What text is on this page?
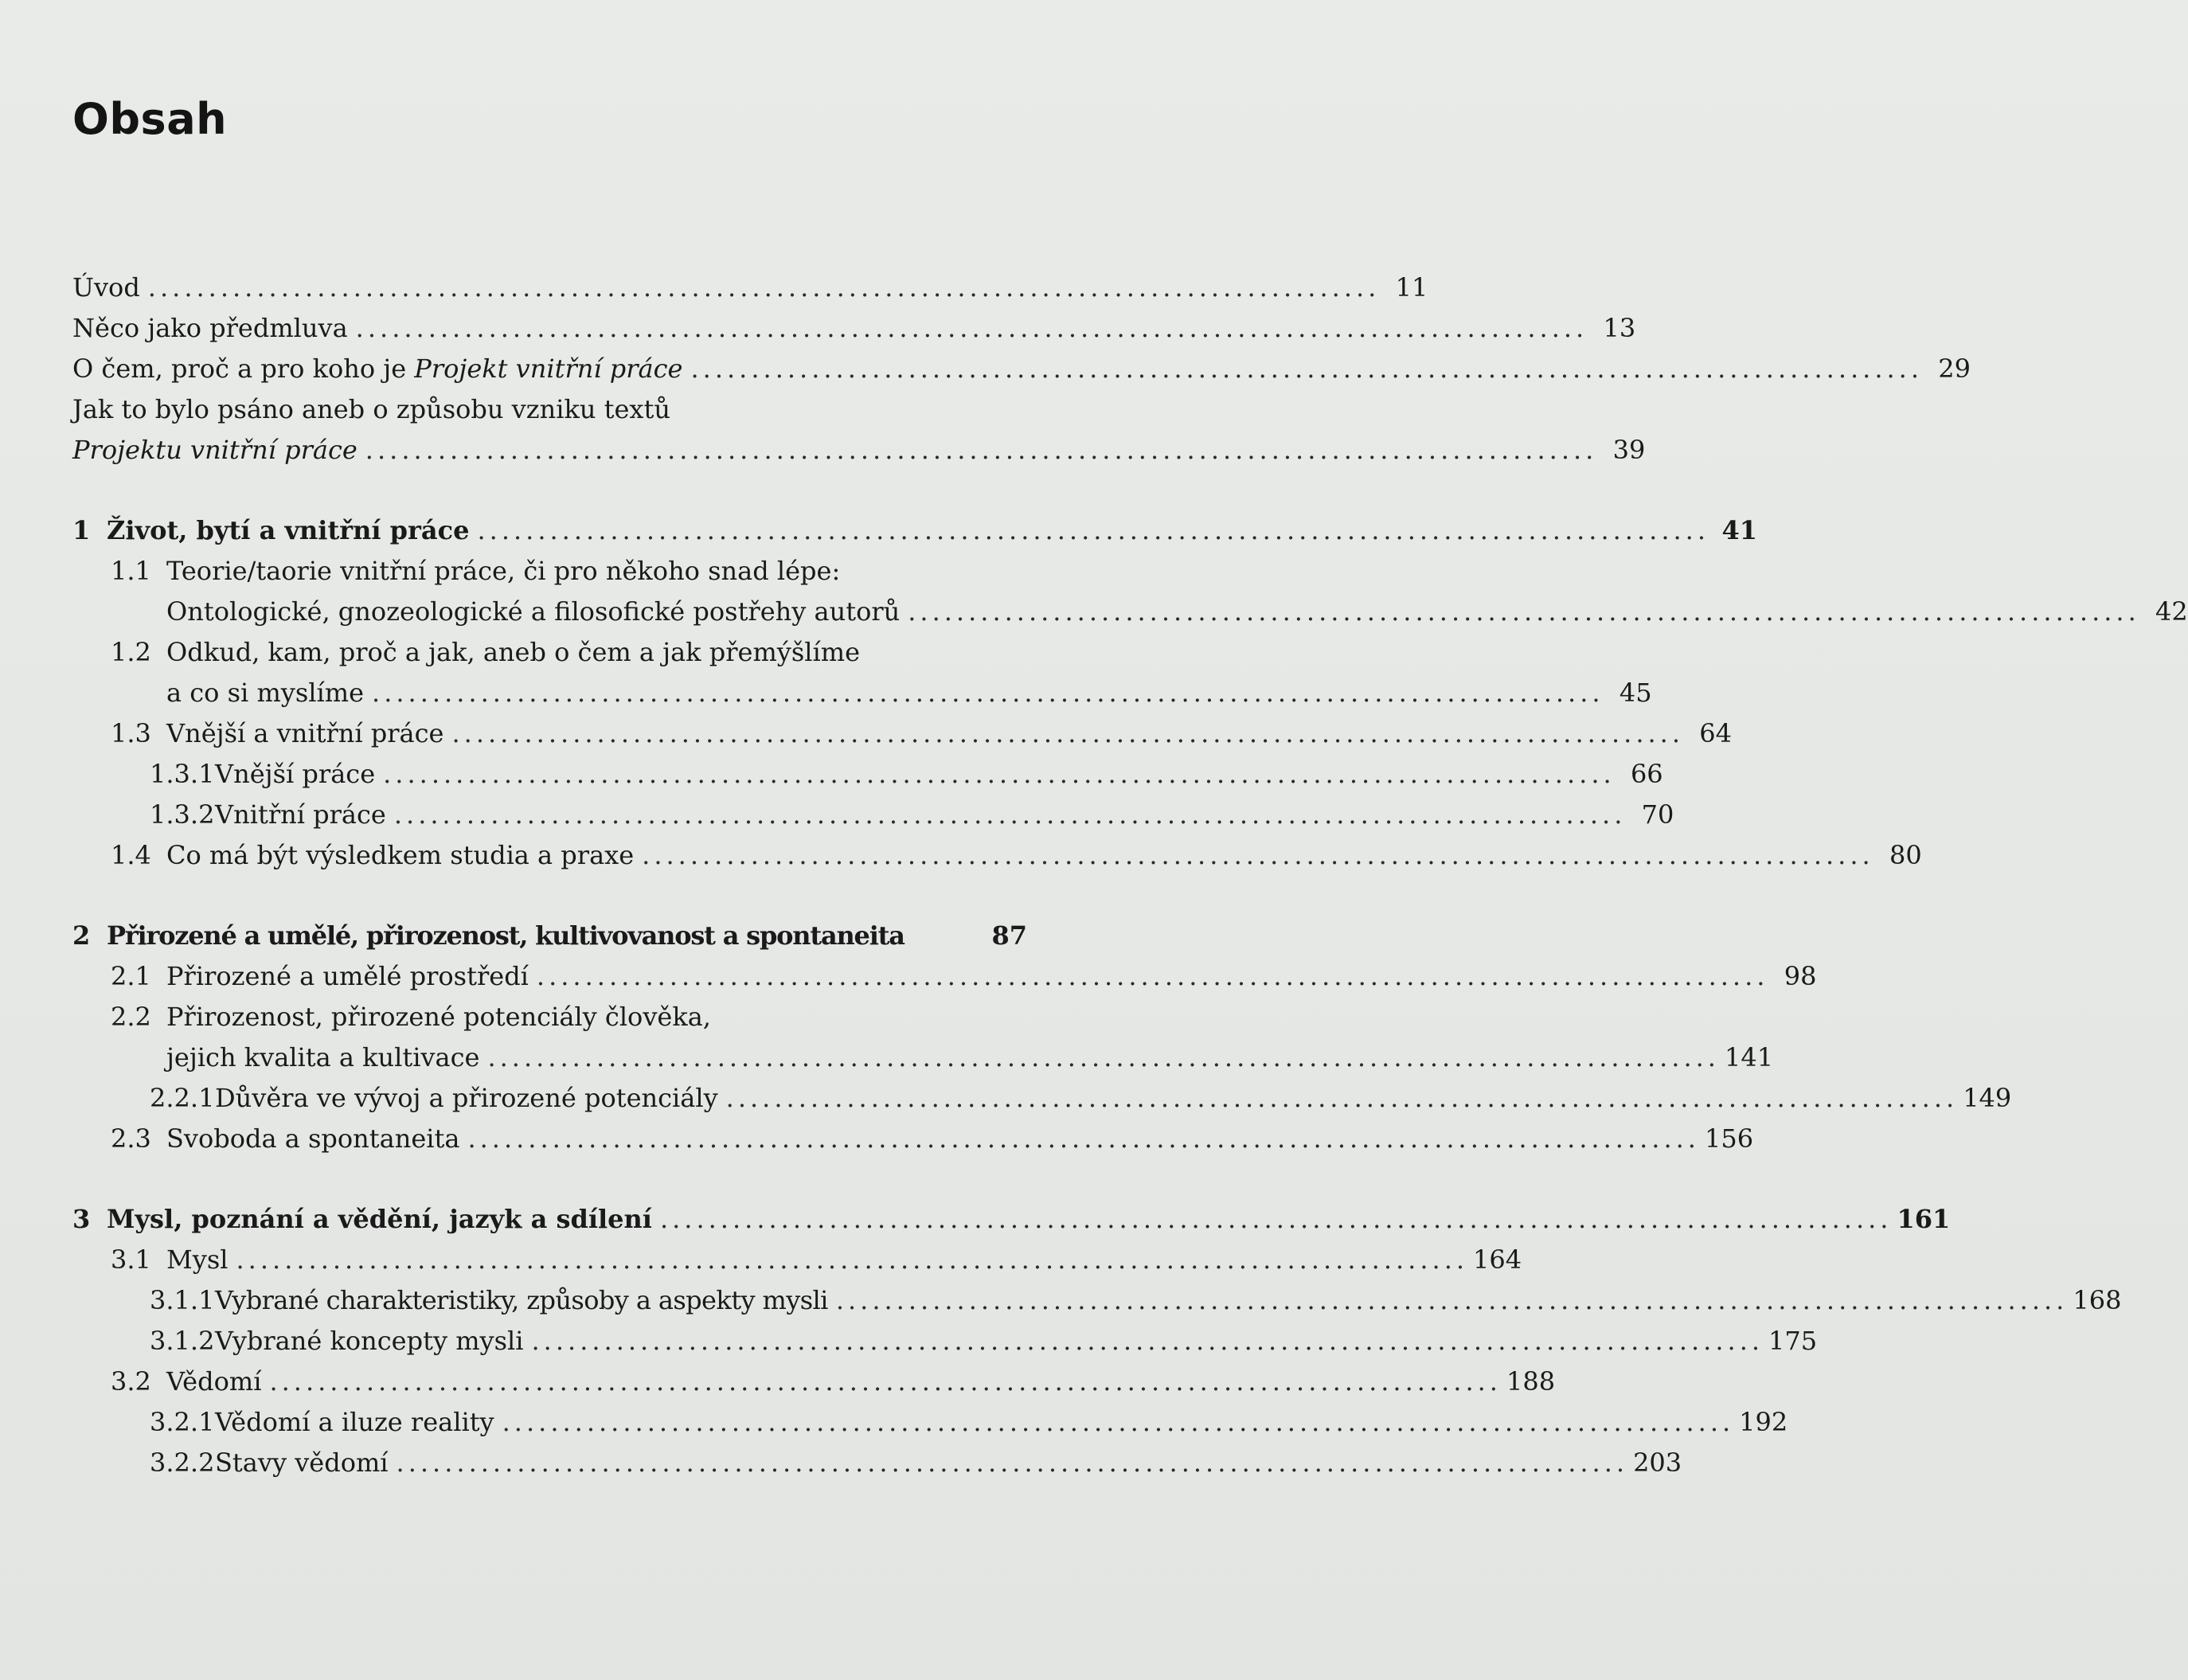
Obsah
Úvod ...................................................................................................... 11
Něco jako předmluva ...................................................................................................... 13
O čem, proč a pro koho je Projekt vnitřní práce ...................................................................................................... 29
Jak to bylo psáno aneb o způsobu vzniku textů
Projektu vnitřní práce ...................................................................................................... 39
1 Život, bytí a vnitřní práce ...................................................................................................... 41
1.1 Teorie/taorie vnitřní práce, či pro někoho snad lépe:
Ontologické, gnozeologické a filosofické postřehy autorů ...................................................................................................... 42
1.2 Odkud, kam, proč a jak, aneb o čem a jak přemýšlíme
a co si myslíme ...................................................................................................... 45
1.3 Vnější a vnitřní práce ...................................................................................................... 64
1.3.1 Vnější práce ...................................................................................................... 66
1.3.2 Vnitřní práce ...................................................................................................... 70
1.4 Co má být výsledkem studia a praxe ...................................................................................................... 80
2 Přirozené a umělé, přirozenost, kultivovanost a spontaneita	87
2.1 Přirozené a umělé prostředí ...................................................................................................... 98
2.2 Přirozenost, přirozené potenciály člověka,
jejich kvalita a kultivace ...................................................................................................... 141
2.2.1 Důvěra ve vývoj a přirozené potenciály ...................................................................................................... 149
2.3 Svoboda a spontaneita ...................................................................................................... 156
3 Mysl, poznání a vědění, jazyk a sdílení ...................................................................................................... 161
3.1 Mysl ...................................................................................................... 164
3.1.1 Vybrané charakteristiky, způsoby a aspekty mysli ...................................................................................................... 168
3.1.2 Vybrané koncepty mysli ...................................................................................................... 175
3.2 Vědomí ...................................................................................................... 188
3.2.1 Vědomí a iluze reality ...................................................................................................... 192
3.2.2 Stavy vědomí ...................................................................................................... 203
